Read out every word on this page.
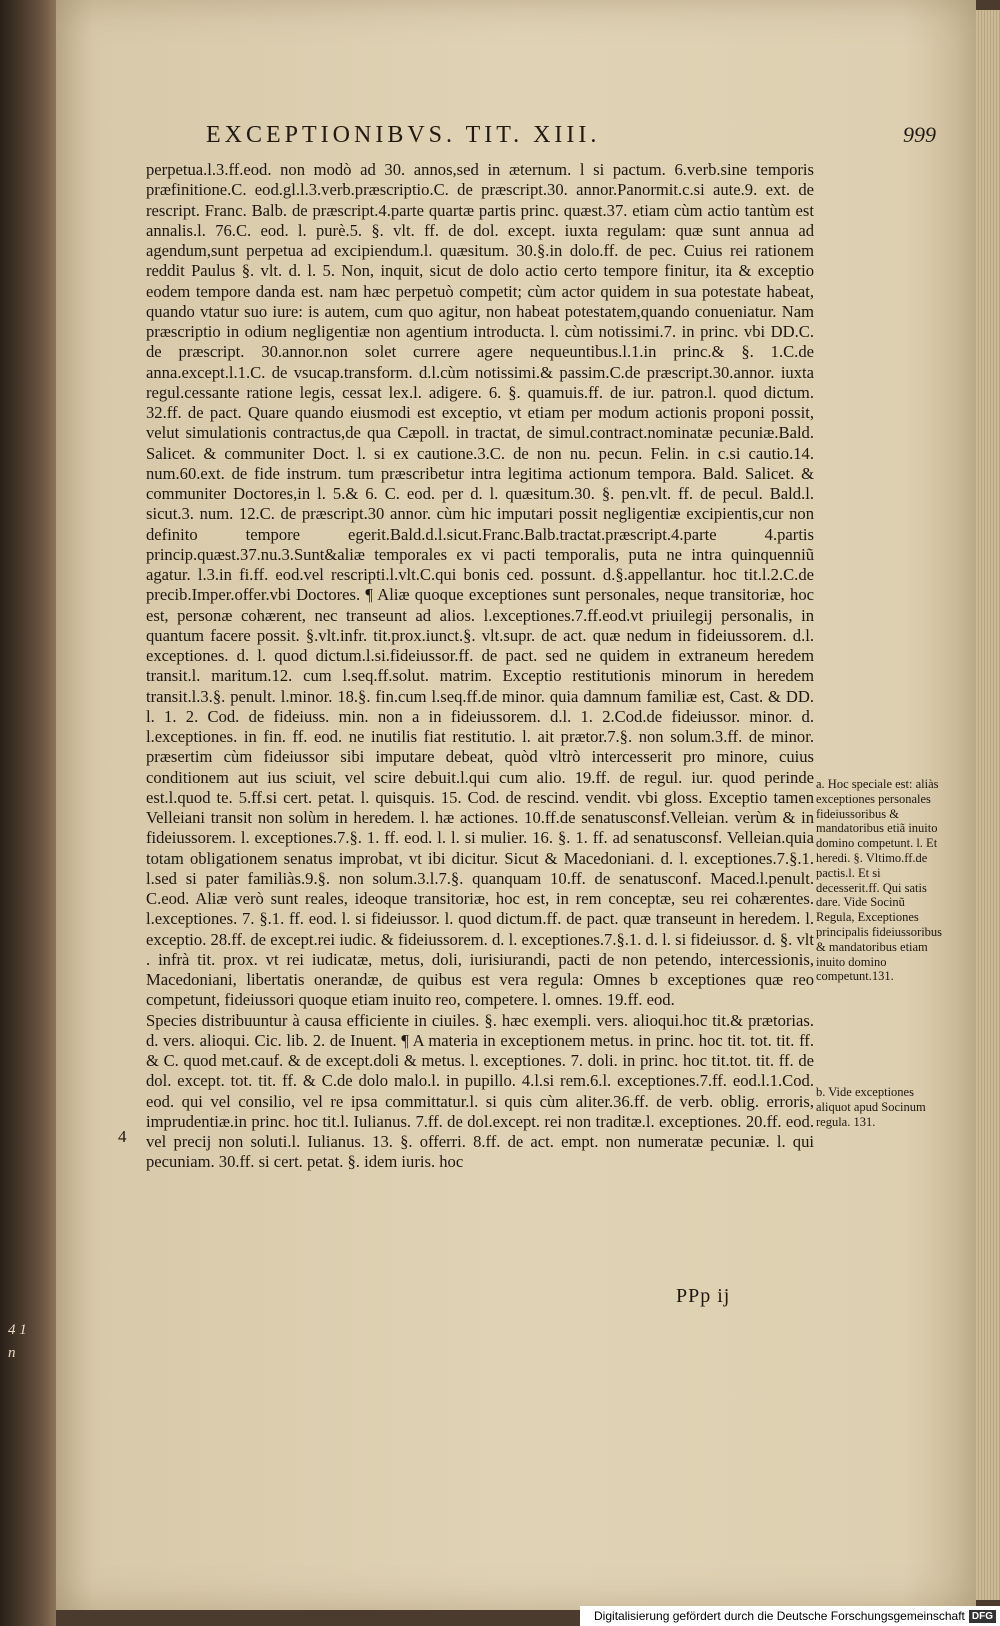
4 1
n
EXCEPTIONIBVS. TIT. XIII.	999

perpetua.l.3.ff.eod. non modò ad 30. annos,sed in æternum. l si pactum. 6.verb.sine temporis præfinitione.C. eod.gl.l.3.verb.præscriptio.C. de præscript.30. annor.Panormit.c.si aute.9. ext. de rescript. Franc. Balb. de præscript.4.parte quartæ partis princ. quæst.37. etiam cùm actio tantùm est annalis.l. 76.C. eod. l. purè.5. §. vlt. ff. de dol. except. iuxta regulam: quæ sunt annua ad agendum,sunt perpetua ad excipiendum.l. quæsitum. 30.§.in dolo.ff. de pec. Cuius rei rationem reddit Paulus §. vlt. d. l. 5. Non, inquit, sicut de dolo actio certo tempore finitur, ita & exceptio eodem tempore danda est. nam hæc perpetuò competit; cùm actor quidem in sua potestate habeat, quando vtatur suo iure: is autem, cum quo agitur, non habeat potestatem,quando conueniatur. Nam præscriptio in odium negligentiæ non agentium introducta. l. cùm notissimi.7. in princ. vbi DD.C. de præscript. 30.annor.non solet currere agere nequeuntibus.l.1.in princ.& §. 1.C.de anna.except.l.1.C. de vsucap.transform. d.l.cùm notissimi.& passim.C.de præscript.30.annor. iuxta regul.cessante ratione legis, cessat lex.l. adigere. 6. §. quamuis.ff. de iur. patron.l. quod dictum. 32.ff. de pact. Quare quando eiusmodi est exceptio, vt etiam per modum actionis proponi possit, velut simulationis contractus,de qua Cæpoll. in tractat, de simul.contract.nominatæ pecuniæ.Bald. Salicet. & communiter Doct. l. si ex cautione.3.C. de non nu. pecun. Felin. in c.si cautio.14. num.60.ext. de fide instrum. tum præscribetur intra legitima actionum tempora. Bald. Salicet. & communiter Doctores,in l. 5.& 6. C. eod. per d. l. quæsitum.30. §. pen.vlt. ff. de pecul. Bald.l. sicut.3. num. 12.C. de præscript.30 annor. cùm hic imputari possit negligentiæ excipientis,cur non definito tempore egerit.Bald.d.l.sicut.Franc.Balb.tractat.præscript.4.parte 4.partis princip.quæst.37.nu.3.Sunt&aliæ temporales ex vi pacti temporalis, puta ne intra quinquenniũ agatur. l.3.in fi.ff. eod.vel rescripti.l.vlt.C.qui bonis ced. possunt. d.§.appellantur. hoc tit.l.2.C.de precib.Imper.offer.vbi Doctores. ¶ Aliæ quoque exceptiones sunt personales, neque transitoriæ, hoc est, personæ cohærent, nec transeunt ad alios. l.exceptiones.7.ff.eod.vt priuilegij personalis, in quantum facere possit. §.vlt.infr. tit.prox.iunct.§. vlt.supr. de act. quæ nedum in fideiussorem. d.l. exceptiones. d. l. quod dictum.l.si.fideiussor.ff. de pact. sed ne quidem in extraneum heredem transit.l. maritum.12. cum l.seq.ff.solut. matrim. Exceptio restitutionis minorum in heredem transit.l.3.§. penult. l.minor. 18.§. fin.cum l.seq.ff.de minor. quia damnum familiæ est, Cast. & DD. l. 1. 2. Cod. de fideiuss. min. non a in fideiussorem. d.l. 1. 2.Cod.de fideiussor. minor. d. l.exceptiones. in fin. ff. eod. ne inutilis fiat restitutio. l. ait prætor.7.§. non solum.3.ff. de minor. præsertim cùm fideiussor sibi imputare debeat, quòd vltrò intercesserit pro minore, cuius conditionem aut ius sciuit, vel scire debuit.l.qui cum alio. 19.ff. de regul. iur. quod perinde est.l.quod te. 5.ff.si cert. petat. l. quisquis. 15. Cod. de rescind. vendit. vbi gloss. Exceptio tamen Velleiani transit non solùm in heredem. l. hæ actiones. 10.ff.de senatusconsf.Velleian. verùm & in fideiussorem. l. exceptiones.7.§. 1. ff. eod. l. l. si mulier. 16. §. 1. ff. ad senatusconsf. Velleian.quia totam obligationem senatus improbat, vt ibi dicitur. Sicut & Macedoniani. d. l. exceptiones.7.§.1. l.sed si pater familiàs.9.§. non solum.3.l.7.§. quanquam 10.ff. de senatusconf. Maced.l.penult. C.eod. Aliæ verò sunt reales, ideoque transitoriæ, hoc est, in rem conceptæ, seu rei cohærentes. l.exceptiones. 7. §.1. ff. eod. l. si fideiussor. l. quod dictum.ff. de pact. quæ transeunt in heredem. l. exceptio. 28.ff. de except.rei iudic. & fideiussorem. d. l. exceptiones.7.§.1. d. l. si fideiussor. d. §. vlt . infrà tit. prox. vt rei iudicatæ, metus, doli, iurisiurandi, pacti de non petendo, intercessionis, Macedoniani, libertatis onerandæ, de quibus est vera regula: Omnes b exceptiones quæ reo competunt, fideiussori quoque etiam inuito reo, competere. l. omnes. 19.ff. eod.

Species distribuuntur à causa efficiente in ciuiles. §. hæc exempli. vers. alioqui.hoc tit.& prætorias. d. vers. alioqui. Cic. lib. 2. de Inuent. ¶ A materia in exceptionem metus. in princ. hoc tit. tot. tit. ff. & C. quod met.cauf. & de except.doli & metus. l. exceptiones. 7. doli. in princ. hoc tit.tot. tit. ff. de dol. except. tot. tit. ff. & C.de dolo malo.l. in pupillo. 4.l.si rem.6.l. exceptiones.7.ff. eod.l.1.Cod. eod. qui vel consilio, vel re ipsa committatur.l. si quis cùm aliter.36.ff. de verb. oblig. erroris, imprudentiæ.in princ. hoc tit.l. Iulianus. 7.ff. de dol.except. rei non traditæ.l. exceptiones. 20.ff. eod. vel precij non soluti.l. Iulianus. 13. §. offerri. 8.ff. de act. empt. non numeratæ pecuniæ. l. qui pecuniam. 30.ff. si cert. petat. §. idem iuris. hoc

4
a. Hoc speciale est: aliàs exceptiones personales fideiussoribus & mandatoribus etiã inuito domino competunt. l. Et heredi. §. Vltimo.ff.de pactis.l. Et si decesserit.ff. Qui satis dare. Vide Socinũ Regula, Exceptiones principalis fideiussoribus & mandatoribus etiam inuito domino competunt.131.
b. Vide exceptiones aliquot apud Socinum regula. 131.
PPp ij
Digitalisierung gefördert durch die Deutsche Forschungsgemeinschaft DFG
